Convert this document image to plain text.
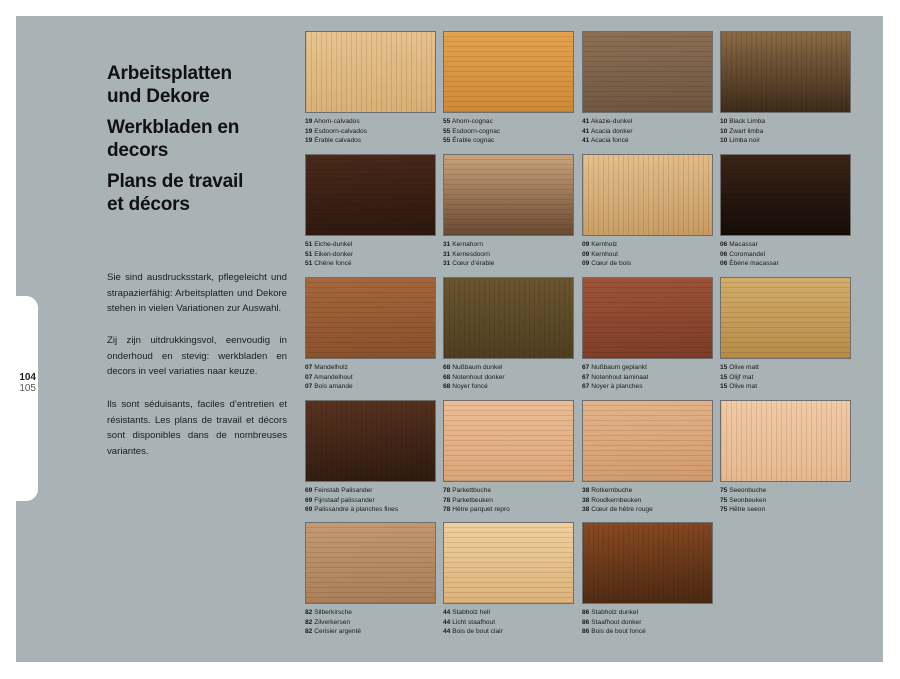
104
105
Arbeitsplatten
und Dekore
Werkbladen en
decors
Plans de travail
et décors

Sie sind ausdrucksstark, pflegeleicht und strapazierfähig: Arbeitsplatten und Dekore stehen in vielen Variationen zur Auswahl.

Zij zijn uitdrukkingsvol, eenvoudig in onderhoud en stevig: werkbladen en decors in veel variaties naar keuze.

Ils sont séduisants, faciles d’entretien et résistants. Les plans de travail et décors sont disponibles dans de nombreuses variantes.

19 Ahorn-calvados
19 Esdoorn-calvados
19 Érable calvados
55 Ahorn-cognac
55 Esdoorn-cognac
55 Érable cognac
41 Akazie-dunkel
41 Acacia donker
41 Acacia foncé
10 Black Limba
10 Zwart limba
10 Limba noir
51 Eiche-dunkel
51 Eiken-donker
51 Chêne foncé
31 Kernahorn
31 Kernesdoorn
31 Cœur d’érable
09 Kernholz
09 Kernhout
09 Cœur de bois
06 Macassar
06 Coromandel
06 Ébène macassar
07 Mandelholz
07 Amandelhout
07 Bois amande
68 Nußbaum dunkel
68 Notenhout donker
68 Noyer foncé
67 Nußbaum geplankt
67 Notenhout laminaat
67 Noyer à planches
15 Olive matt
15 Olijf mat
15 Olive mat
69 Feinstab Palisander
69 Fijnstaaf palissander
69 Palissandre à planches fines
78 Parkettbuche
78 Parketbeuken
78 Hêtre parquet repro
38 Rotkernbuche
38 Roodkernbeuken
38 Cœur de hêtre rouge
75 Seeonbuche
75 Seonbeuken
75 Hêtre seeon
82 Silberkirsche
82 Zilverkersen
82 Cerisier argenté
44 Stabholz hell
44 Licht staafhout
44 Bois de bout clair
86 Stabholz dunkel
86 Staafhout donker
86 Bois de bout foncé
